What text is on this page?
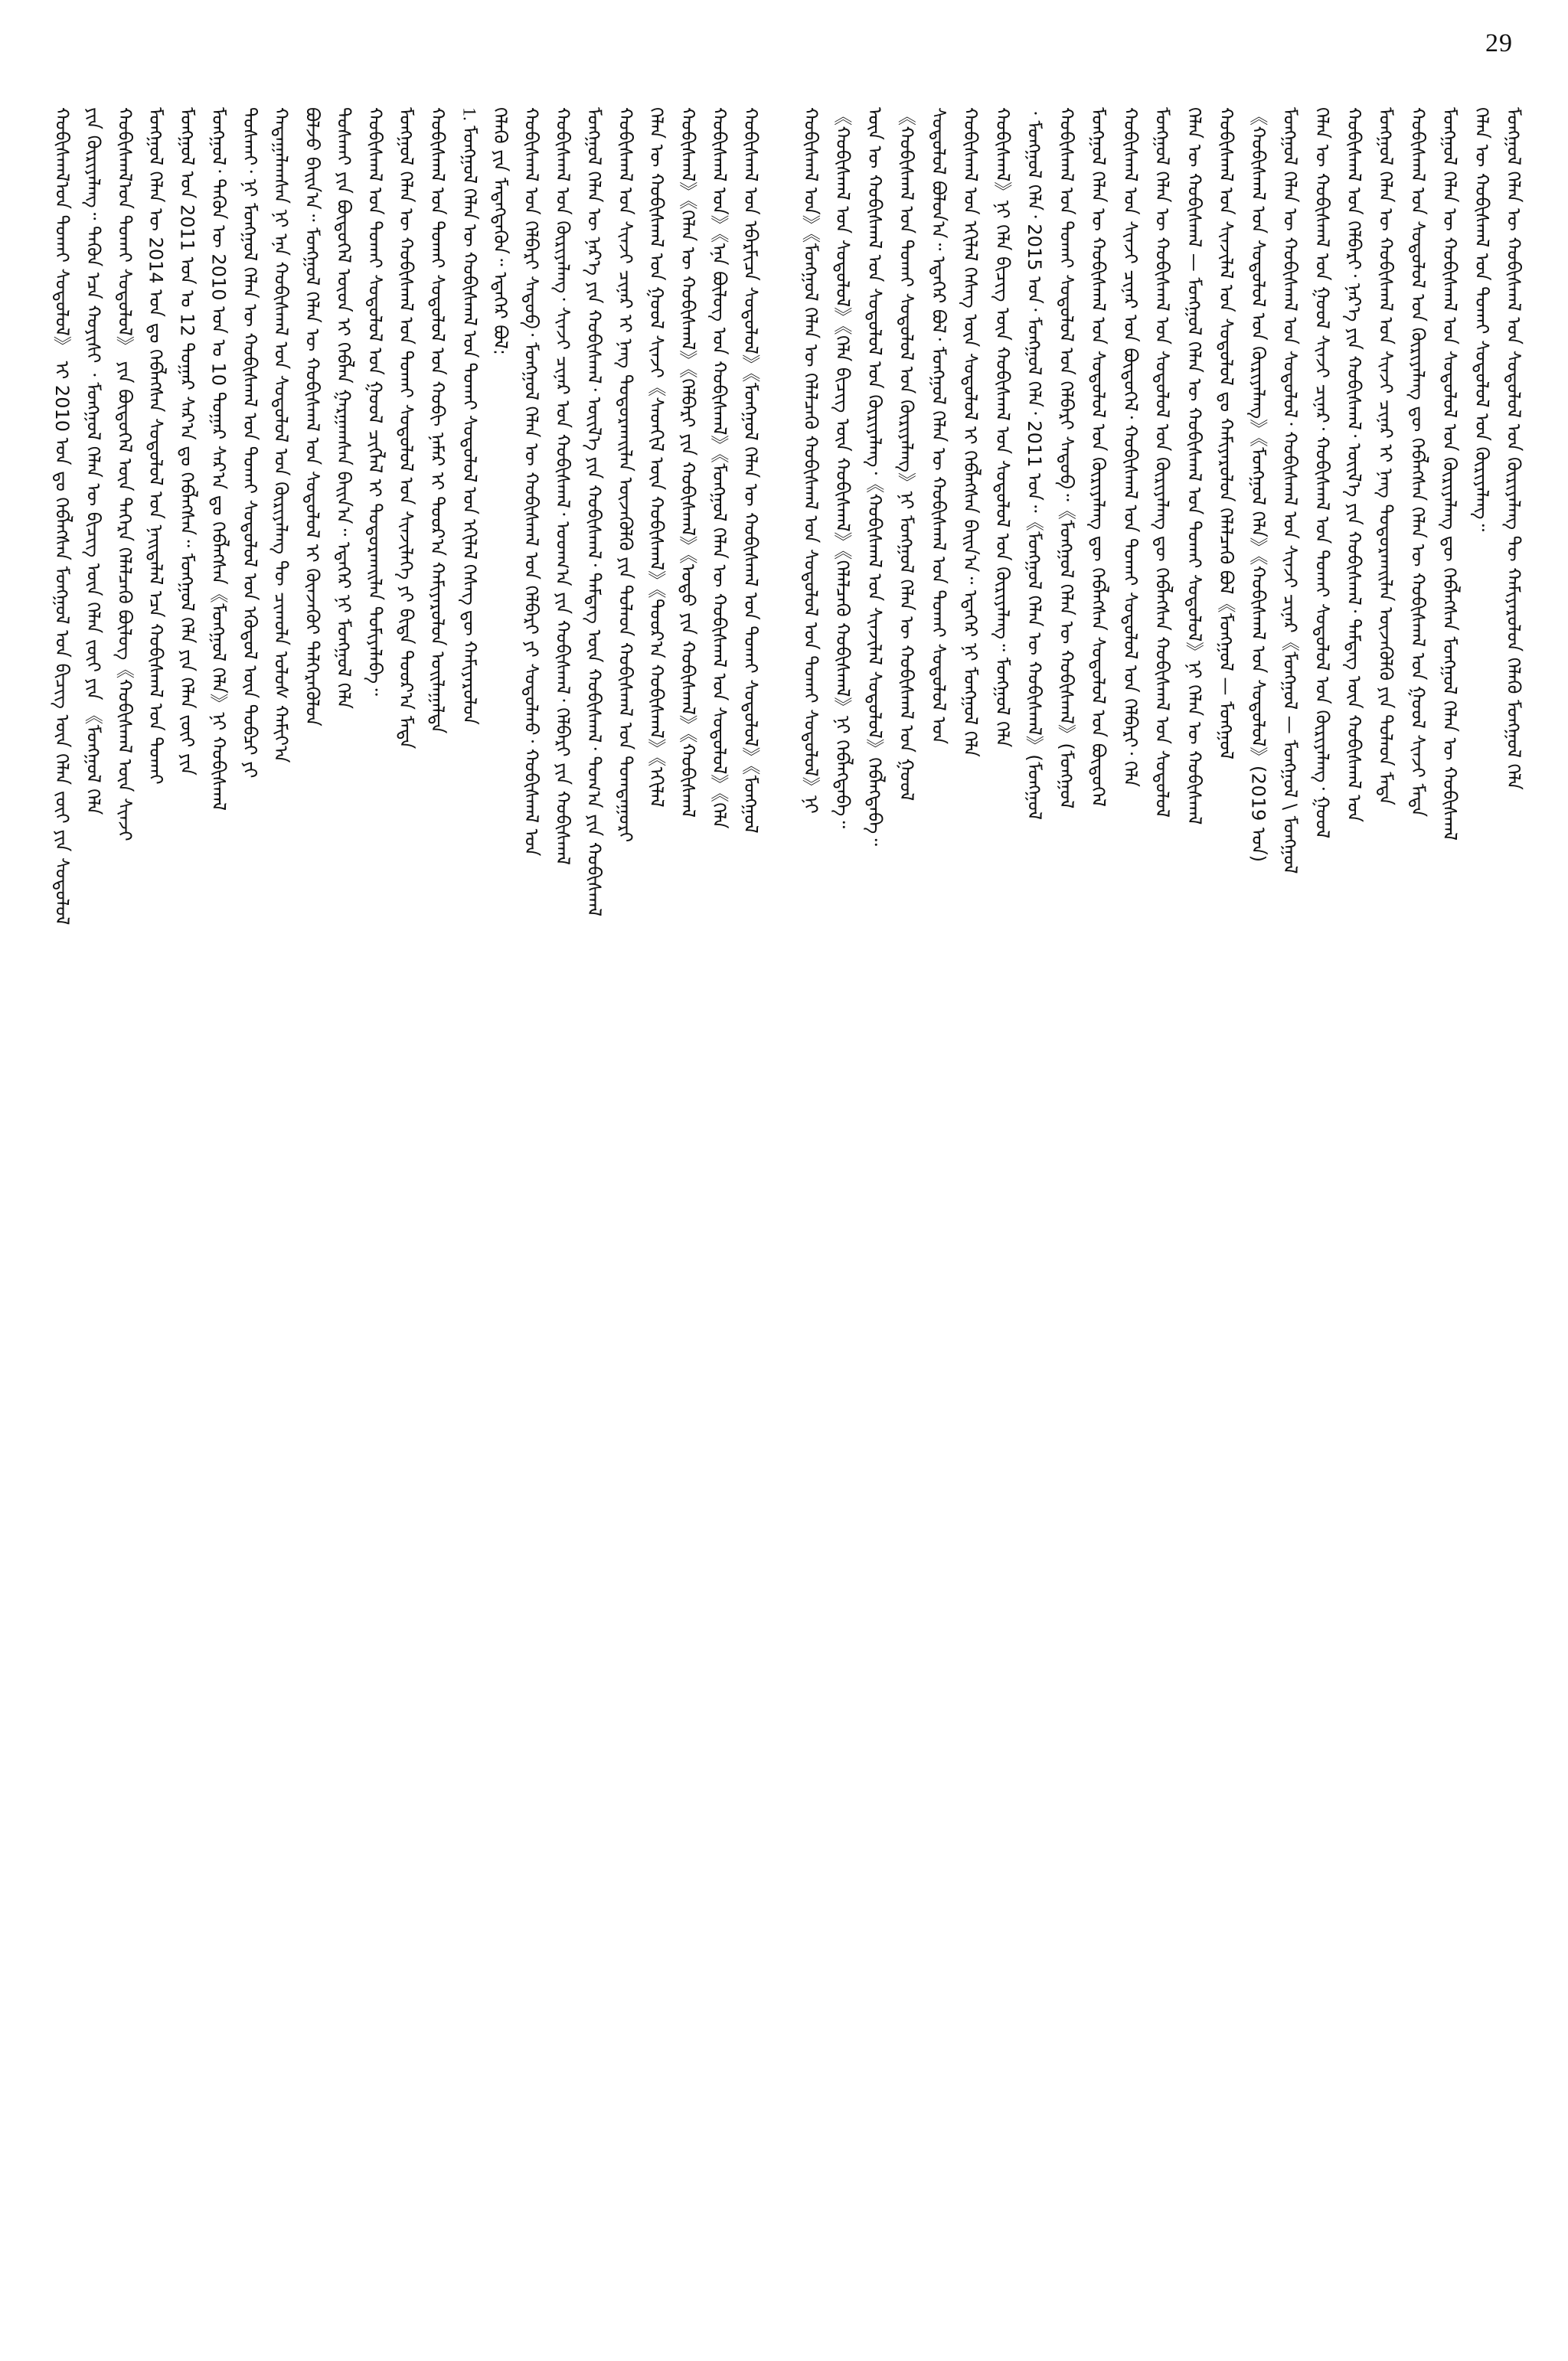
29
ᠬᠤᠪᠢᠰᠬᠠᠯ᠎ᠤᠨ ᠲᠤᠬᠠᠢ ᠰᠤᠳᠤᠯᠤᠯ》 ᠢ 2010 ᠣᠨ ᠳᠤ ᠬᠡᠪᠯᠡᠭᠰᠡᠨ ᠮᠣᠩᠭᠣᠯ ᠤᠨ ᠪᠢᠴᠢᠭ᠌ ᠦᠨ ᠬᠡᠯᠡᠨ ᠵᠦᠢ ᠶᠢᠨ ᠰᠤᠳᠤᠯᠤᠯ ᠶᠢᠨ ᠬᠦᠷᠢᠶᠡᠯᠡᠩ᠃ ᠲᠡᠭᠦᠨ ᠡᠴᠡ ᠬᠣᠶᠢᠰᠢ ᠂ ᠮᠣᠩᠭᠣᠯ ᠬᠡᠯᠡᠨ ᠦ ᠪᠢᠴᠢᠭ᠌ ᠦᠨ ᠬᠡᠯᠡᠨ ᠵᠦᠢ ᠶᠢᠨ 《ᠮᠣᠩᠭᠣᠯ ᠬᠡᠯᠡ ᠬᠤᠪᠢᠰᠬᠠᠯ᠎ᠤᠨ ᠲᠤᠬᠠᠢ ᠰᠤᠳᠤᠯᠤᠯ》 ᠶᠢᠨ ᠪᠦᠲᠦᠭᠡᠯ ᠦᠨ ᠳᠡᠭᠡᠷᠡ ᠬᠡᠯᠡᠯᠴᠡᠬᠦ ᠪᠦᠯᠦᠭ《ᠬᠤᠪᠢᠰᠬᠠᠯ ᠦᠨ ᠰᠢᠨᠵᠢ ᠮᠣᠩᠭᠣᠯ ᠬᠡᠯᠡᠨ ᠦ 2014 ᠣᠨ ᠳᠤ ᠬᠡᠪᠯᠡᠭᠰᠡᠨ ᠰᠤᠳᠤᠯᠤᠯ ᠤᠨ ᠨᠡᠢᠲᠡᠯᠡᠯ ᠡᠴᠡ ᠬᠤᠪᠢᠰᠬᠠᠯ ᠤᠨ ᠲᠤᠬᠠᠢ ᠮᠣᠩᠭᠣᠯ ᠤᠨ 2011 ᠣᠨ ᠤ 12 ᠳᠤᠭᠠᠷ ᠰᠠᠷ᠎ᠠ ᠳᠤ ᠬᠡᠪᠯᠡᠭᠰᠡᠨ᠃ ᠮᠣᠩᠭᠣᠯ ᠬᠡᠯᠡ ᠶᠢᠨ ᠬᠡᠯᠡᠨ ᠵᠦᠢ ᠶᠢᠨ ᠮᠣᠩᠭᠣᠯ᠂ ᠲᠡᠭᠦᠨ ᠦ 2010 ᠣᠨ ᠤ 10 ᠳᠤᠭᠠᠷ ᠰᠠᠷ᠎ᠠ ᠳᠤ ᠬᠡᠪᠯᠡᠭᠰᠡᠨ《ᠮᠣᠩᠭᠣᠯ ᠬᠡᠯᠡ》ᠨᠢ ᠬᠤᠪᠢᠰᠬᠠᠯ ᠲᠤᠰᠬᠠᠢ᠂ ᠨᠢ ᠮᠣᠩᠭᠣᠯ ᠬᠡᠯᠡᠨ ᠦ ᠬᠤᠪᠢᠰᠬᠠᠯ ᠤᠨ ᠲᠤᠬᠠᠢ ᠰᠤᠳᠤᠯᠤᠯ ᠤᠨ ᠡᠭᠦᠳᠦᠯ ᠦᠨ ᠲᠣᠪᠴᠢ ᠶᠢ ᠬᠠᠳᠠᠭᠠᠯᠠᠭ᠍ᠰᠠᠨ ᠨᠢ ᠡᠨᠡ ᠬᠤᠪᠢᠰᠬᠠᠯ ᠤᠨ ᠰᠤᠳᠤᠯᠤᠯ ᠤᠨ ᠬᠦᠷᠢᠶᠡᠯᠡᠩ ᠲᠦ ᠴᠢᠬᠤᠯᠠ ᠤᠯᠤᠰ ᠬᠠᠮᠢᠶ᠎ᠠ ᠪᠣᠯᠵᠤ ᠪᠠᠢᠨ᠎ᠠ᠃ ᠮᠣᠩᠭᠣᠯ ᠬᠡᠯᠡᠨ ᠦ ᠬᠤᠪᠢᠰᠬᠠᠯ ᠤᠨ ᠰᠤᠳᠤᠯᠤᠯ ᠢ ᠭᠦᠨᠵᠡᠭᠦᠢ ᠳᠡᠯᠭᠡᠷᠡᠭᠦᠯᠦᠨ ᠲᠤᠰᠬᠠᠢ ᠶᠢᠨ ᠪᠦᠲᠦᠭᠡᠯ ᠦᠳ ᠢ ᠬᠡᠪᠯᠡᠨ ᠭᠠᠷᠭᠠᠭ᠍ᠰᠠᠨ ᠪᠠᠢᠨ᠎ᠠ᠃ ᠡᠳᠡᠭᠡᠷ ᠨᠢ ᠮᠣᠩᠭᠣᠯ ᠬᠡᠯᠡ ᠬᠤᠪᠢᠰᠬᠠᠯ ᠤᠨ ᠲᠤᠬᠠᠢ ᠰᠤᠳᠤᠯᠤᠯ ᠤᠨ ᠭᠣᠣᠯ ᠴᠢᠭᠯᠡᠯ ᠢ ᠲᠣᠳᠣᠷᠬᠠᠢᠯᠠᠨ ᠲᠣᠮᠢᠶᠠᠯᠠᠪᠠ᠃ ᠮᠣᠩᠭᠣᠯ ᠬᠡᠯᠡᠨ ᠦ ᠬᠤᠪᠢᠰᠬᠠᠯ ᠤᠨ ᠲᠤᠬᠠᠢ ᠰᠤᠳᠤᠯᠤᠯ ᠤᠨ ᠰᠢᠨᠵᠢᠯᠡᠭᠡ ᠶᠢ ᠪᠢᠳᠡ ᠳᠣᠣᠷ᠎ᠠ ᠮᠡᠳᠡ ᠬᠤᠪᠢᠰᠬᠠᠯ ᠤᠨ ᠲᠤᠬᠠᠢ ᠰᠤᠳᠤᠯᠤᠯ ᠤᠨ ᠬᠤᠪᠢ ᠨᠡᠮᠡᠷ ᠢ ᠳᠣᠣᠷ᠎ᠠ ᠬᠠᠮᠢᠶᠠᠷᠤᠯᠤᠨ ᠣᠢᠯᠠᠭᠠᠯᠲᠠ 1. ᠮᠣᠩᠭᠣᠯ ᠬᠡᠯᠡᠨ ᠦ ᠬᠤᠪᠢᠰᠬᠠᠯ ᠤᠨ ᠲᠤᠬᠠᠢ ᠰᠤᠳᠤᠯᠤᠯ ᠤᠨ ᠡᠬᠢᠯᠡᠯ ᠬᠡᠰᠡᠭ ᠳᠦ ᠬᠠᠮᠢᠶᠠᠷᠤᠯᠤᠨ ᠬᠡᠯᠡᠬᠦ ᠶᠢᠨ ᠮᠡᠳᠡᠭᠳᠡᠬᠦᠨ᠃ ᠡᠳᠡᠭᠡᠷ ᠪᠣᠯ: ᠬᠤᠪᠢᠰᠬᠠᠯ ᠤᠨ ᠬᠡᠯᠪᠡᠷᠢ ᠰᠡᠳᠦᠪ᠂ ᠮᠣᠩᠭᠣᠯ ᠬᠡᠯᠡᠨ ᠦ ᠬᠤᠪᠢᠰᠬᠠᠯ ᠤᠨ ᠬᠡᠯᠪᠡᠷᠢ ᠶᠢ ᠰᠤᠳᠤᠯᠬᠤ᠂ ᠬᠤᠪᠢᠰᠬᠠᠯ ᠤᠨ ᠬᠤᠪᠢᠰᠬᠠᠯ ᠤᠨ ᠬᠦᠷᠢᠶᠡᠯᠡᠩ᠂ ᠰᠢᠨᠵᠢ ᠴᠢᠨᠠᠷ ᠤᠨ ᠬᠤᠪᠢᠰᠬᠠᠯ᠂ ᠤᠳᠬ᠎ᠠ ᠶᠢᠨ ᠬᠤᠪᠢᠰᠬᠠᠯ᠂ ᠬᠡᠯᠪᠡᠷᠢ ᠶᠢᠨ ᠬᠤᠪᠢᠰᠬᠠᠯ ᠮᠣᠩᠭᠣᠯ ᠬᠡᠯᠡᠨ ᠦ ᠨᠡᠷ᠎ᠡ ᠶᠢᠨ ᠬᠤᠪᠢᠰᠬᠠᠯ᠂ ᠦᠢᠯ᠎ᠡ ᠶᠢᠨ ᠬᠤᠪᠢᠰᠬᠠᠯ᠂ ᠲᠡᠮᠳᠡᠭ ᠦᠨ ᠬᠤᠪᠢᠰᠬᠠᠯ᠂ ᠲᠣᠭ᠎ᠠ ᠶᠢᠨ ᠬᠤᠪᠢᠰᠬᠠᠯ ᠬᠤᠪᠢᠰᠬᠠᠯ ᠤᠨ ᠰᠢᠨᠵᠢ ᠴᠢᠨᠠᠷ ᠢ ᠨᠡᠩ ᠲᠣᠳᠣᠷᠬᠠᠢᠯᠠᠨ ᠦᠵᠡᠭᠦᠯᠬᠦ ᠶᠢᠨ ᠲᠤᠯᠠᠳ ᠬᠤᠪᠢᠰᠬᠠᠯ ᠤᠨ ᠲᠣᠭᠲᠠᠭᠤᠷᠢ ᠬᠡᠯᠡᠨ ᠦ ᠬᠤᠪᠢᠰᠬᠠᠯ ᠤᠨ ᠭᠣᠣᠯ ᠰᠢᠨᠵᠢ《ᠰᠡᠳᠬᠢᠯ ᠦᠨ ᠬᠤᠪᠢᠰᠬᠠᠯ》《ᠳᠣᠣᠷ᠎ᠠ ᠬᠤᠪᠢᠰᠬᠠᠯ》《ᠡᠬᠢᠯᠡᠯ ᠬᠤᠪᠢᠰᠬᠠᠯ》《ᠬᠡᠯᠡᠨ ᠦ ᠬᠤᠪᠢᠰᠬᠠᠯ》《ᠬᠡᠯᠪᠡᠷᠢ ᠶᠢᠨ ᠬᠤᠪᠢᠰᠬᠠᠯ》《ᠣᠳᠣ ᠶᠢᠨ ᠬᠤᠪᠢᠰᠬᠠᠯ》《ᠬᠤᠪᠢᠰᠬᠠᠯ ᠬᠤᠪᠢᠰᠬᠠᠯ ᠤᠨ》《ᠡᠨᠡ ᠪᠦᠯᠦᠭ ᠤᠨ ᠬᠤᠪᠢᠰᠬᠠᠯ》《ᠮᠣᠩᠭᠣᠯ ᠬᠡᠯᠡᠨ ᠦ ᠬᠤᠪᠢᠰᠬᠠᠯ ᠤᠨ ᠰᠤᠳᠤᠯᠤᠯ》《ᠬᠡᠯᠡ ᠬᠤᠪᠢᠰᠬᠠᠯ ᠤᠨ ᠡᠪᠡᠷᠮᠢᠴᠡ ᠰᠤᠳᠤᠯᠤᠯ》《ᠮᠣᠩᠭᠣᠯ ᠬᠡᠯᠡᠨ ᠦ ᠬᠤᠪᠢᠰᠬᠠᠯ ᠤᠨ ᠲᠤᠬᠠᠢ ᠰᠤᠳᠤᠯᠤᠯ》《ᠮᠣᠩᠭᠣᠯ ᠬᠤᠪᠢᠰᠬᠠᠯ ᠤᠨ》《ᠮᠣᠩᠭᠣᠯ ᠬᠡᠯᠡᠨ ᠦ ᠬᠡᠯᠡᠯᠴᠡᠬᠦ ᠬᠤᠪᠢᠰᠬᠠᠯ ᠤᠨ ᠰᠤᠳᠤᠯᠤᠯ ᠤᠨ ᠲᠤᠬᠠᠢ ᠰᠤᠳᠤᠯᠤᠯ》ᠨᠢ 《ᠬᠤᠪᠢᠰᠬᠠᠯ ᠤᠨ ᠰᠤᠳᠤᠯᠤᠯ》《ᠬᠡᠯᠡ ᠪᠢᠴᠢᠭ᠌ ᠦᠨ ᠬᠤᠪᠢᠰᠬᠠᠯ》《ᠬᠡᠯᠡᠯᠴᠡᠬᠦ ᠬᠤᠪᠢᠰᠬᠠᠯ》ᠨᠢ ᠬᠡᠪᠯᠡᠭᠳᠡᠪᠡ᠃ ᠦᠨ ᠦ ᠬᠤᠪᠢᠰᠬᠠᠯ ᠤᠨ ᠰᠤᠳᠤᠯᠤᠯ ᠤᠨ ᠬᠦᠷᠢᠶᠡᠯᠡᠩ᠂《ᠬᠤᠪᠢᠰᠬᠠᠯ ᠤᠨ ᠰᠢᠨᠵᠢᠯᠡᠯ ᠰᠤᠳᠤᠯᠤᠯ》ᠬᠡᠪᠯᠡᠭᠳᠡᠪᠡ᠃ 《ᠬᠤᠪᠢᠰᠬᠠᠯ ᠤᠨ ᠲᠤᠬᠠᠢ ᠰᠤᠳᠤᠯᠤᠯ ᠤᠨ ᠬᠦᠷᠢᠶᠡᠯᠡᠩ》ᠨᠢ ᠮᠣᠩᠭᠣᠯ ᠬᠡᠯᠡᠨ ᠦ ᠬᠤᠪᠢᠰᠬᠠᠯ ᠤᠨ ᠭᠣᠣᠯ ᠰᠤᠳᠤᠯᠤᠯ ᠪᠣᠯᠤᠨ᠎ᠠ᠃ ᠡᠳᠡᠭᠡᠷ ᠪᠣᠯ᠂ ᠮᠣᠩᠭᠣᠯ ᠬᠡᠯᠡᠨ ᠦ ᠬᠤᠪᠢᠰᠬᠠᠯ ᠤᠨ ᠲᠤᠬᠠᠢ ᠰᠤᠳᠤᠯᠤᠯ ᠤᠨ ᠬᠤᠪᠢᠰᠬᠠᠯ ᠤᠨ ᠡᠬᠢᠯᠡᠯ ᠬᠡᠰᠡᠭ ᠦᠨ ᠰᠤᠳᠤᠯᠤᠯ ᠢ ᠬᠡᠪᠯᠡᠭᠰᠡᠨ ᠪᠠᠢᠨ᠎ᠠ᠃ ᠡᠳᠡᠭᠡᠷ ᠨᠢ ᠮᠣᠩᠭᠣᠯ ᠬᠡᠯᠡ ᠬᠤᠪᠢᠰᠬᠠᠯ》ᠨᠢ ᠬᠡᠯᠡ ᠪᠢᠴᠢᠭ᠌ ᠦᠨ ᠬᠤᠪᠢᠰᠬᠠᠯ ᠤᠨ ᠰᠤᠳᠤᠯᠤᠯ ᠤᠨ ᠬᠦᠷᠢᠶᠡᠯᠡᠩ᠃ ᠮᠣᠩᠭᠣᠯ ᠬᠡᠯᠡ ᠂ ᠮᠣᠩᠭᠣᠯ ᠬᠡᠯᠡ᠂ 2015 ᠣᠨ᠂ ᠮᠣᠩᠭᠣᠯ ᠬᠡᠯᠡ᠂ 2011 ᠣᠨ᠃《ᠮᠣᠩᠭᠣᠯ ᠬᠡᠯᠡᠨ ᠦ ᠬᠤᠪᠢᠰᠬᠠᠯ》(ᠮᠣᠩᠭᠣᠯ ᠬᠤᠪᠢᠰᠬᠠᠯ ᠤᠨ ᠲᠤᠬᠠᠢ ᠰᠤᠳᠤᠯᠤᠯ ᠤᠨ ᠬᠡᠯᠪᠡᠷᠢ ᠰᠡᠳᠦᠪ᠃《ᠮᠣᠩᠭᠣᠯ ᠬᠡᠯᠡᠨ ᠦ ᠬᠤᠪᠢᠰᠬᠠᠯ》(ᠮᠣᠩᠭᠣᠯ ᠮᠣᠩᠭᠣᠯ ᠬᠡᠯᠡᠨ ᠦ ᠬᠤᠪᠢᠰᠬᠠᠯ ᠤᠨ ᠰᠤᠳᠤᠯᠤᠯ ᠤᠨ ᠬᠦᠷᠢᠶᠡᠯᠡᠩ ᠳᠦ ᠬᠡᠪᠯᠡᠭᠰᠡᠨ ᠰᠤᠳᠤᠯᠤᠯ ᠤᠨ ᠪᠦᠲᠦᠭᠡᠯ ᠬᠤᠪᠢᠰᠬᠠᠯ ᠤᠨ ᠰᠢᠨᠵᠢ ᠴᠢᠨᠠᠷ ᠤᠨ ᠪᠦᠲᠦᠭᠡᠯ᠂ ᠬᠤᠪᠢᠰᠬᠠᠯ ᠤᠨ ᠲᠤᠬᠠᠢ ᠰᠤᠳᠤᠯᠤᠯ ᠤᠨ ᠬᠡᠯᠪᠡᠷᠢ᠂ ᠬᠡᠯᠡ ᠮᠣᠩᠭᠣᠯ ᠬᠡᠯᠡᠨ ᠦ ᠬᠤᠪᠢᠰᠬᠠᠯ ᠤᠨ ᠰᠤᠳᠤᠯᠤᠯ ᠤᠨ ᠬᠦᠷᠢᠶᠡᠯᠡᠩ ᠳᠦ ᠬᠡᠪᠯᠡᠭᠰᠡᠨ ᠬᠤᠪᠢᠰᠬᠠᠯ ᠤᠨ ᠰᠤᠳᠤᠯᠤᠯ ᠬᠡᠯᠡᠨ ᠦ ᠬᠤᠪᠢᠰᠬᠠᠯ — ᠮᠣᠩᠭᠣᠯ ᠬᠡᠯᠡᠨ ᠦ ᠬᠤᠪᠢᠰᠬᠠᠯ ᠤᠨ ᠲᠤᠬᠠᠢ ᠰᠤᠳᠤᠯᠤᠯ》ᠨᠢ ᠬᠡᠯᠡᠨ ᠦ ᠬᠤᠪᠢᠰᠬᠠᠯ ᠬᠤᠪᠢᠰᠬᠠᠯ ᠤᠨ ᠰᠢᠨᠵᠢᠯᠡᠯ ᠤᠨ ᠰᠤᠳᠤᠯᠤᠯ ᠳᠤ ᠬᠠᠮᠢᠶᠠᠷᠤᠯᠤᠨ ᠬᠡᠯᠡᠯᠴᠡᠬᠦ ᠪᠣᠯ《ᠮᠣᠩᠭᠣᠯ — ᠮᠣᠩᠭᠣᠯ 《ᠬᠤᠪᠢᠰᠬᠠᠯ ᠤᠨ ᠰᠤᠳᠤᠯᠤᠯ ᠤᠨ ᠬᠦᠷᠢᠶᠡᠯᠡᠩ》《ᠮᠣᠩᠭᠣᠯ ᠬᠡᠯᠡ》《ᠬᠤᠪᠢᠰᠬᠠᠯ ᠤᠨ ᠰᠤᠳᠤᠯᠤᠯ》(2019 ᠣᠨ) ᠮᠣᠩᠭᠣᠯ ᠬᠡᠯᠡᠨ ᠦ ᠬᠤᠪᠢᠰᠬᠠᠯ ᠤᠨ ᠰᠤᠳᠤᠯᠤᠯ᠂ ᠬᠤᠪᠢᠰᠬᠠᠯ ᠤᠨ ᠰᠢᠨᠵᠢ ᠴᠢᠨᠠᠷ《ᠮᠣᠩᠭᠣᠯ — ᠮᠣᠩᠭᠣᠯ \ ᠮᠣᠩᠭᠣᠯ ᠬᠡᠯᠡᠨ ᠦ ᠬᠤᠪᠢᠰᠬᠠᠯ ᠤᠨ ᠭᠣᠣᠯ ᠰᠢᠨᠵᠢ ᠴᠢᠨᠠᠷ᠂ ᠬᠤᠪᠢᠰᠬᠠᠯ ᠤᠨ ᠲᠤᠬᠠᠢ ᠰᠤᠳᠤᠯᠤᠯ ᠤᠨ ᠬᠦᠷᠢᠶᠡᠯᠡᠩ᠂ ᠭᠣᠣᠯ ᠬᠤᠪᠢᠰᠬᠠᠯ ᠤᠨ ᠬᠡᠯᠪᠡᠷᠢ᠂ ᠨᠡᠷ᠎ᠡ ᠶᠢᠨ ᠬᠤᠪᠢᠰᠬᠠᠯ᠂ ᠦᠢᠯ᠎ᠡ ᠶᠢᠨ ᠬᠤᠪᠢᠰᠬᠠᠯ᠂ ᠲᠡᠮᠳᠡᠭ ᠦᠨ ᠬᠤᠪᠢᠰᠬᠠᠯ ᠤᠨ ᠮᠣᠩᠭᠣᠯ ᠬᠡᠯᠡᠨ ᠦ ᠬᠤᠪᠢᠰᠬᠠᠯ ᠤᠨ ᠰᠢᠨᠵᠢ ᠴᠢᠨᠠᠷ ᠢ ᠨᠡᠩ ᠲᠣᠳᠣᠷᠬᠠᠢᠯᠠᠨ ᠦᠵᠡᠭᠦᠯᠬᠦ ᠶᠢᠨ ᠲᠤᠯᠠᠳ ᠮᠡᠳᠡ ᠬᠤᠪᠢᠰᠬᠠᠯ ᠤᠨ ᠰᠤᠳᠤᠯᠤᠯ ᠤᠨ ᠬᠦᠷᠢᠶᠡᠯᠡᠩ ᠳᠦ ᠬᠡᠪᠯᠡᠭᠰᠡᠨ ᠬᠡᠯᠡᠨ ᠦ ᠬᠤᠪᠢᠰᠬᠠᠯ ᠤᠨ ᠭᠣᠣᠯ ᠰᠢᠨᠵᠢ ᠮᠡᠳᠡ ᠮᠣᠩᠭᠣᠯ ᠬᠡᠯᠡᠨ ᠦ ᠬᠤᠪᠢᠰᠬᠠᠯ ᠤᠨ ᠰᠤᠳᠤᠯᠤᠯ ᠤᠨ ᠬᠦᠷᠢᠶᠡᠯᠡᠩ ᠳᠦ ᠬᠡᠪᠯᠡᠭᠰᠡᠨ ᠮᠣᠩᠭᠣᠯ ᠬᠡᠯᠡᠨ ᠦ ᠬᠤᠪᠢᠰᠬᠠᠯ ᠬᠡᠯᠡᠨ ᠦ ᠬᠤᠪᠢᠰᠬᠠᠯ ᠤᠨ ᠲᠤᠬᠠᠢ ᠰᠤᠳᠤᠯᠤᠯ ᠤᠨ ᠬᠦᠷᠢᠶᠡᠯᠡᠩ᠃ ᠮᠣᠩᠭᠣᠯ ᠬᠡᠯᠡᠨ ᠦ ᠬᠤᠪᠢᠰᠬᠠᠯ ᠤᠨ ᠰᠤᠳᠤᠯᠤᠯ ᠤᠨ ᠬᠦᠷᠢᠶᠡᠯᠡᠩ ᠲᠦ ᠬᠠᠮᠢᠶᠠᠷᠤᠯᠤᠨ ᠬᠡᠯᠡᠬᠦ ᠮᠣᠩᠭᠣᠯ ᠬᠡᠯᠡ
